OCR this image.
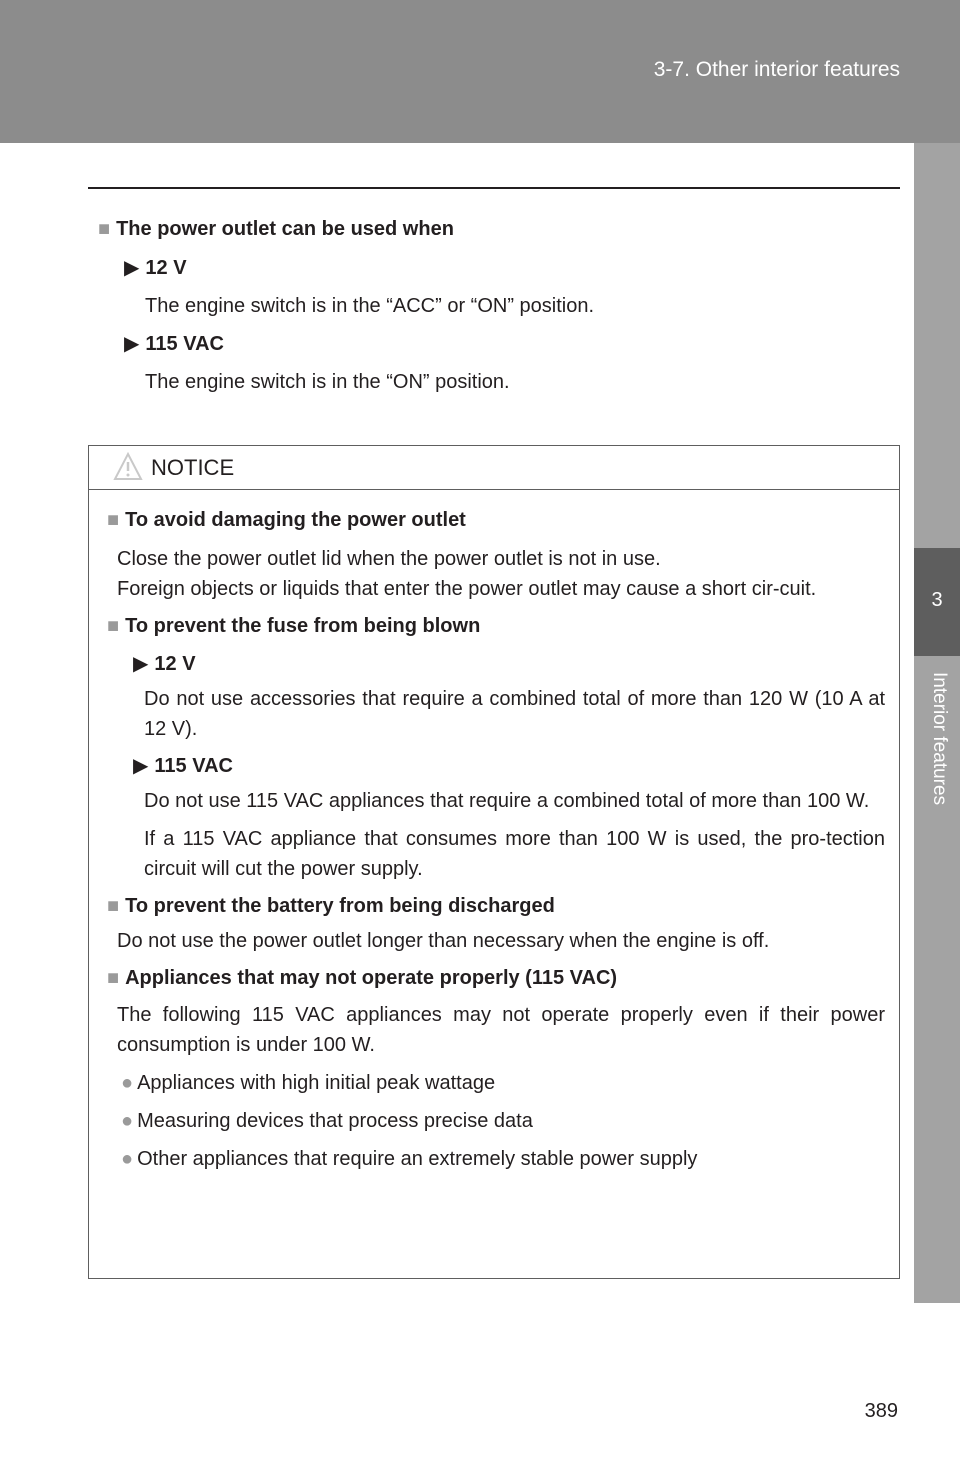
3-7. Other interior features
3
Interior features
■ The power outlet can be used when
▶ 12 V
The engine switch is in the “ACC” or “ON” position.
▶ 115 VAC
The engine switch is in the “ON” position.
NOTICE
■ To avoid damaging the power outlet
Close the power outlet lid when the power outlet is not in use.
Foreign objects or liquids that enter the power outlet may cause a short cir-cuit.
■ To prevent the fuse from being blown
▶ 12 V
Do not use accessories that require a combined total of more than 120 W (10 A at 12 V).
▶ 115 VAC
Do not use 115 VAC appliances that require a combined total of more than 100 W.
If a 115 VAC appliance that consumes more than 100 W is used, the pro-tection circuit will cut the power supply.
■ To prevent the battery from being discharged
Do not use the power outlet longer than necessary when the engine is off.
■ Appliances that may not operate properly (115 VAC)
The following 115 VAC appliances may not operate properly even if their power consumption is under 100 W.
● Appliances with high initial peak wattage
● Measuring devices that process precise data
● Other appliances that require an extremely stable power supply
389
